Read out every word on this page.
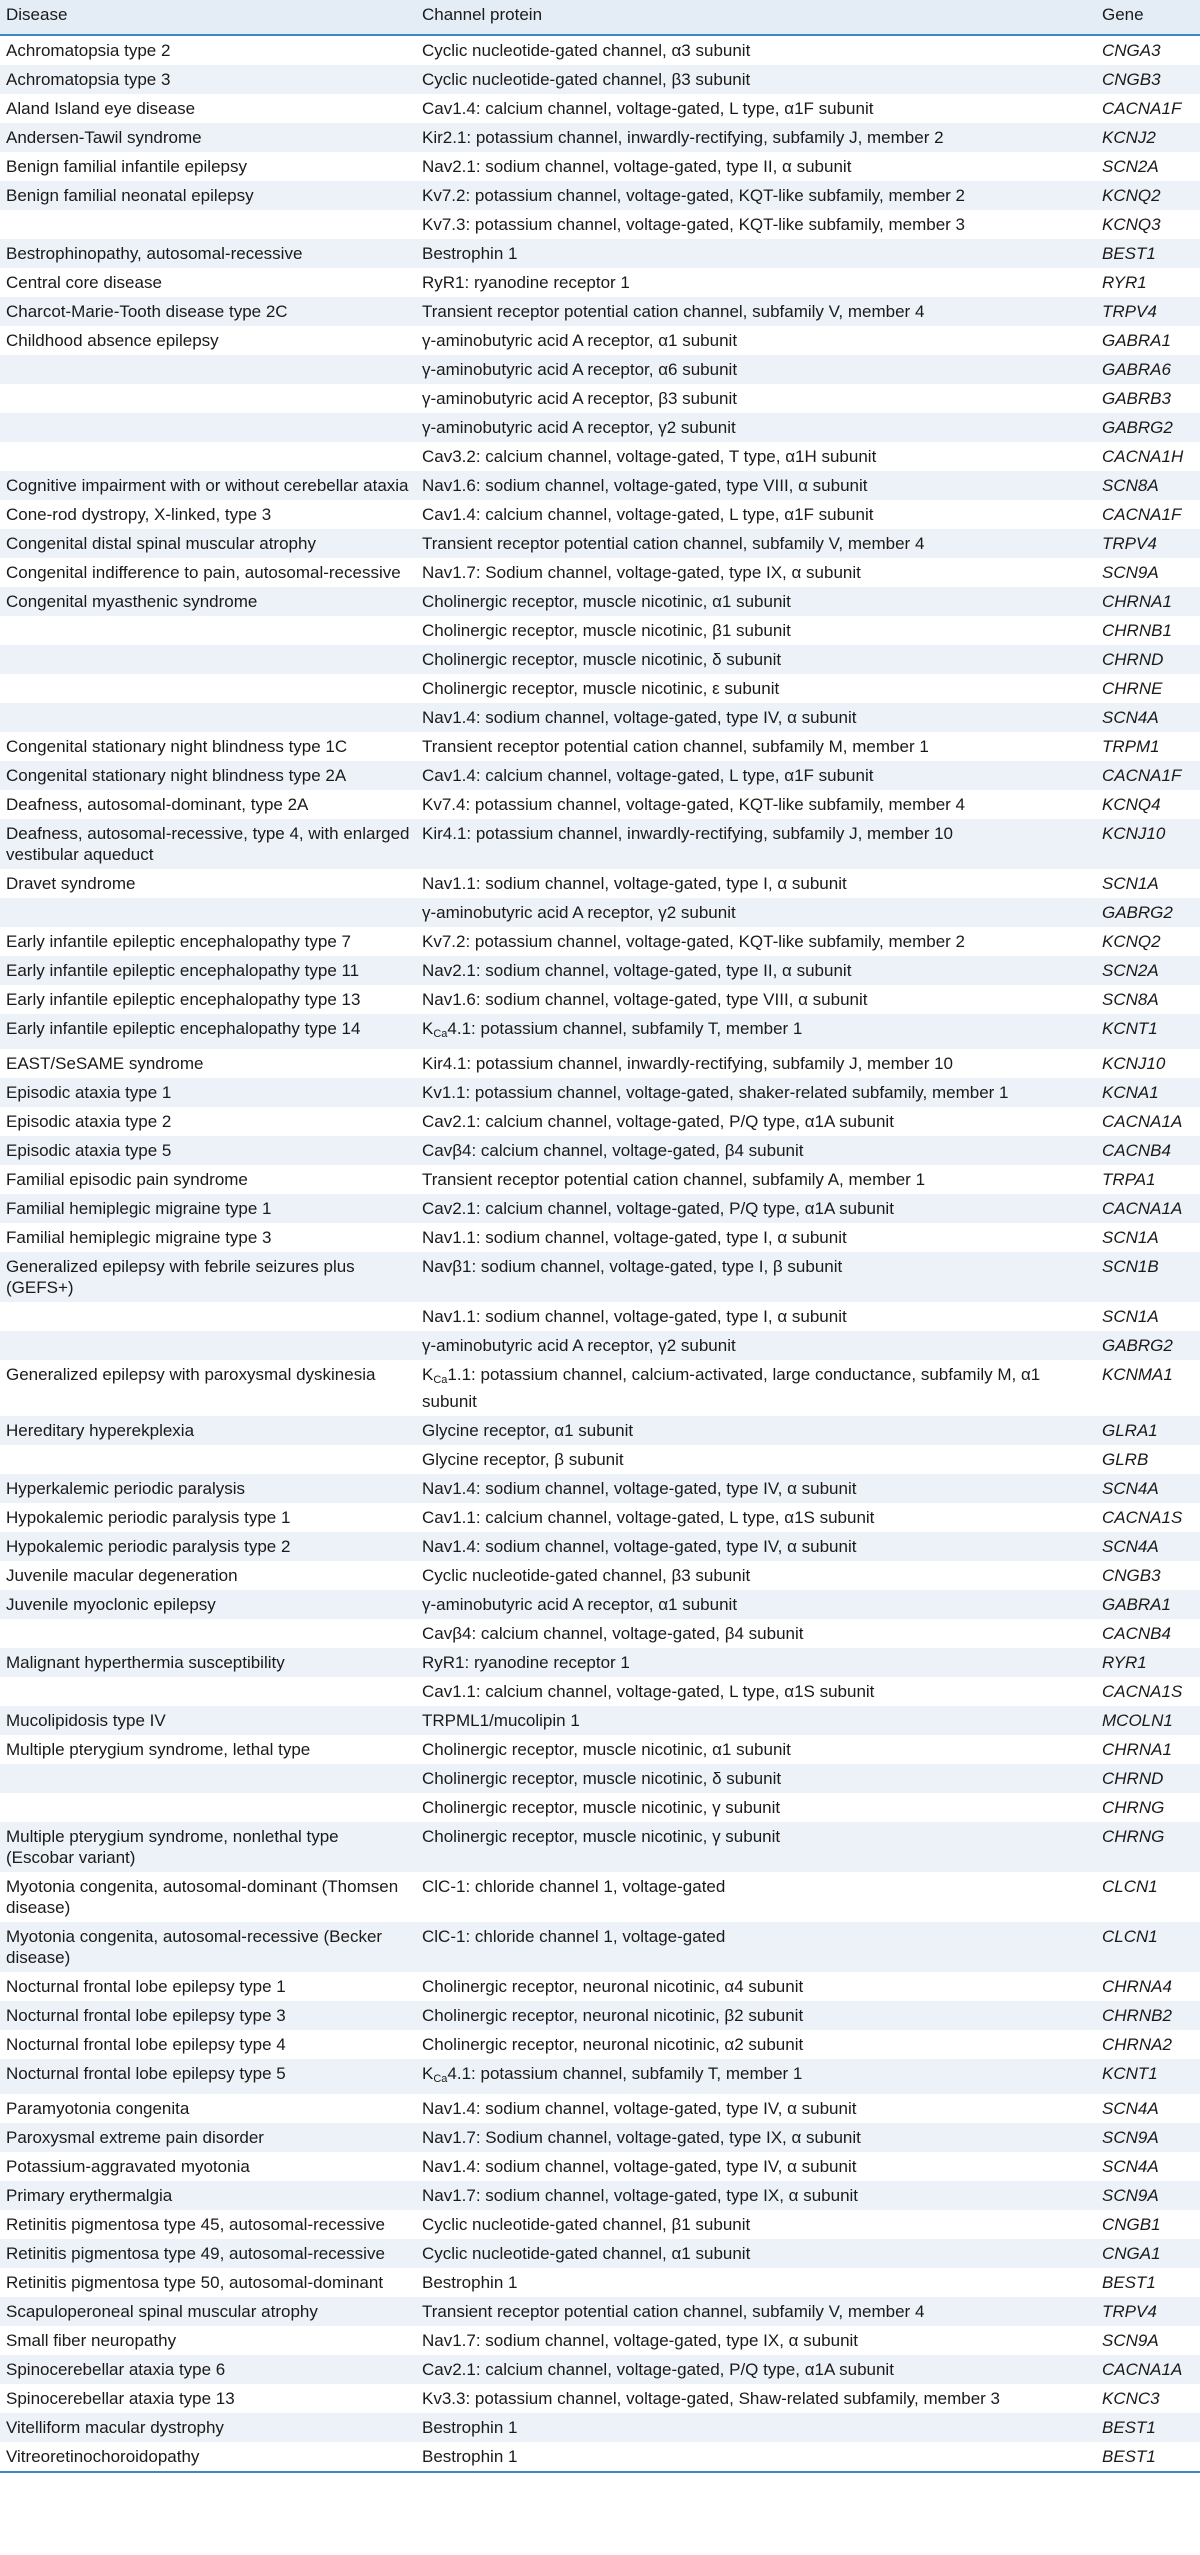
Disease	Channel protein	Gene
Achromatopsia type 2	Cyclic nucleotide-gated channel, α3 subunit	CNGA3
Achromatopsia type 3	Cyclic nucleotide-gated channel, β3 subunit	CNGB3
Aland Island eye disease	Cav1.4: calcium channel, voltage-gated, L type, α1F subunit	CACNA1F
Andersen-Tawil syndrome	Kir2.1: potassium channel, inwardly-rectifying, subfamily J, member 2	KCNJ2
Benign familial infantile epilepsy	Nav2.1: sodium channel, voltage-gated, type II, α subunit	SCN2A
Benign familial neonatal epilepsy	Kv7.2: potassium channel, voltage-gated, KQT-like subfamily, member 2	KCNQ2
	Kv7.3: potassium channel, voltage-gated, KQT-like subfamily, member 3	KCNQ3
Bestrophinopathy, autosomal-recessive	Bestrophin 1	BEST1
Central core disease	RyR1: ryanodine receptor 1	RYR1
Charcot-Marie-Tooth disease type 2C	Transient receptor potential cation channel, subfamily V, member 4	TRPV4
Childhood absence epilepsy	γ-aminobutyric acid A receptor, α1 subunit	GABRA1
	γ-aminobutyric acid A receptor, α6 subunit	GABRA6
	γ-aminobutyric acid A receptor, β3 subunit	GABRB3
	γ-aminobutyric acid A receptor, γ2 subunit	GABRG2
	Cav3.2: calcium channel, voltage-gated, T type, α1H subunit	CACNA1H
Cognitive impairment with or without cerebellar ataxia	Nav1.6: sodium channel, voltage-gated, type VIII, α subunit	SCN8A
Cone-rod dystropy, X-linked, type 3	Cav1.4: calcium channel, voltage-gated, L type, α1F subunit	CACNA1F
Congenital distal spinal muscular atrophy	Transient receptor potential cation channel, subfamily V, member 4	TRPV4
Congenital indifference to pain, autosomal-recessive	Nav1.7: Sodium channel, voltage-gated, type IX, α subunit	SCN9A
Congenital myasthenic syndrome	Cholinergic receptor, muscle nicotinic, α1 subunit	CHRNA1
	Cholinergic receptor, muscle nicotinic, β1 subunit	CHRNB1
	Cholinergic receptor, muscle nicotinic, δ subunit	CHRND
	Cholinergic receptor, muscle nicotinic, ε subunit	CHRNE
	Nav1.4: sodium channel, voltage-gated, type IV, α subunit	SCN4A
Congenital stationary night blindness type 1C	Transient receptor potential cation channel, subfamily M, member 1	TRPM1
Congenital stationary night blindness type 2A	Cav1.4: calcium channel, voltage-gated, L type, α1F subunit	CACNA1F
Deafness, autosomal-dominant, type 2A	Kv7.4: potassium channel, voltage-gated, KQT-like subfamily, member 4	KCNQ4
Deafness, autosomal-recessive, type 4, with enlarged vestibular aqueduct	Kir4.1: potassium channel, inwardly-rectifying, subfamily J, member 10	KCNJ10
Dravet syndrome	Nav1.1: sodium channel, voltage-gated, type I, α subunit	SCN1A
	γ-aminobutyric acid A receptor, γ2 subunit	GABRG2
Early infantile epileptic encephalopathy type 7	Kv7.2: potassium channel, voltage-gated, KQT-like subfamily, member 2	KCNQ2
Early infantile epileptic encephalopathy type 11	Nav2.1: sodium channel, voltage-gated, type II, α subunit	SCN2A
Early infantile epileptic encephalopathy type 13	Nav1.6: sodium channel, voltage-gated, type VIII, α subunit	SCN8A
Early infantile epileptic encephalopathy type 14	$K_{Ca}4.1$: potassium channel, subfamily T, member 1	KCNT1
EAST/SeSAME syndrome	Kir4.1: potassium channel, inwardly-rectifying, subfamily J, member 10	KCNJ10
Episodic ataxia type 1	Kv1.1: potassium channel, voltage-gated, shaker-related subfamily, member 1	KCNA1
Episodic ataxia type 2	Cav2.1: calcium channel, voltage-gated, P/Q type, α1A subunit	CACNA1A
Episodic ataxia type 5	Cavβ4: calcium channel, voltage-gated, β4 subunit	CACNB4
Familial episodic pain syndrome	Transient receptor potential cation channel, subfamily A, member 1	TRPA1
Familial hemiplegic migraine type 1	Cav2.1: calcium channel, voltage-gated, P/Q type, α1A subunit	CACNA1A
Familial hemiplegic migraine type 3	Nav1.1: sodium channel, voltage-gated, type I, α subunit	SCN1A
Generalized epilepsy with febrile seizures plus (GEFS+)	Navβ1: sodium channel, voltage-gated, type I, β subunit	SCN1B
	Nav1.1: sodium channel, voltage-gated, type I, α subunit	SCN1A
	γ-aminobutyric acid A receptor, γ2 subunit	GABRG2
Generalized epilepsy with paroxysmal dyskinesia	$K_{Ca}1.1$: potassium channel, calcium-activated, large conductance, subfamily M, α1 subunit	KCNMA1
Hereditary hyperekplexia	Glycine receptor, α1 subunit	GLRA1
	Glycine receptor, β subunit	GLRB
Hyperkalemic periodic paralysis	Nav1.4: sodium channel, voltage-gated, type IV, α subunit	SCN4A
Hypokalemic periodic paralysis type 1	Cav1.1: calcium channel, voltage-gated, L type, α1S subunit	CACNA1S
Hypokalemic periodic paralysis type 2	Nav1.4: sodium channel, voltage-gated, type IV, α subunit	SCN4A
Juvenile macular degeneration	Cyclic nucleotide-gated channel, β3 subunit	CNGB3
Juvenile myoclonic epilepsy	γ-aminobutyric acid A receptor, α1 subunit	GABRA1
	Cavβ4: calcium channel, voltage-gated, β4 subunit	CACNB4
Malignant hyperthermia susceptibility	RyR1: ryanodine receptor 1	RYR1
	Cav1.1: calcium channel, voltage-gated, L type, α1S subunit	CACNA1S
Mucolipidosis type IV	TRPML1/mucolipin 1	MCOLN1
Multiple pterygium syndrome, lethal type	Cholinergic receptor, muscle nicotinic, α1 subunit	CHRNA1
	Cholinergic receptor, muscle nicotinic, δ subunit	CHRND
	Cholinergic receptor, muscle nicotinic, γ subunit	CHRNG
Multiple pterygium syndrome, nonlethal type (Escobar variant)	Cholinergic receptor, muscle nicotinic, γ subunit	CHRNG
Myotonia congenita, autosomal-dominant (Thomsen disease)	ClC-1: chloride channel 1, voltage-gated	CLCN1
Myotonia congenita, autosomal-recessive (Becker disease)	ClC-1: chloride channel 1, voltage-gated	CLCN1
Nocturnal frontal lobe epilepsy type 1	Cholinergic receptor, neuronal nicotinic, α4 subunit	CHRNA4
Nocturnal frontal lobe epilepsy type 3	Cholinergic receptor, neuronal nicotinic, β2 subunit	CHRNB2
Nocturnal frontal lobe epilepsy type 4	Cholinergic receptor, neuronal nicotinic, α2 subunit	CHRNA2
Nocturnal frontal lobe epilepsy type 5	$K_{Ca}4.1$: potassium channel, subfamily T, member 1	KCNT1
Paramyotonia congenita	Nav1.4: sodium channel, voltage-gated, type IV, α subunit	SCN4A
Paroxysmal extreme pain disorder	Nav1.7: Sodium channel, voltage-gated, type IX, α subunit	SCN9A
Potassium-aggravated myotonia	Nav1.4: sodium channel, voltage-gated, type IV, α subunit	SCN4A
Primary erythermalgia	Nav1.7: sodium channel, voltage-gated, type IX, α subunit	SCN9A
Retinitis pigmentosa type 45, autosomal-recessive	Cyclic nucleotide-gated channel, β1 subunit	CNGB1
Retinitis pigmentosa type 49, autosomal-recessive	Cyclic nucleotide-gated channel, α1 subunit	CNGA1
Retinitis pigmentosa type 50, autosomal-dominant	Bestrophin 1	BEST1
Scapuloperoneal spinal muscular atrophy	Transient receptor potential cation channel, subfamily V, member 4	TRPV4
Small fiber neuropathy	Nav1.7: sodium channel, voltage-gated, type IX, α subunit	SCN9A
Spinocerebellar ataxia type 6	Cav2.1: calcium channel, voltage-gated, P/Q type, α1A subunit	CACNA1A
Spinocerebellar ataxia type 13	Kv3.3: potassium channel, voltage-gated, Shaw-related subfamily, member 3	KCNC3
Vitelliform macular dystrophy	Bestrophin 1	BEST1
Vitreoretinochoroidopathy	Bestrophin 1	BEST1
